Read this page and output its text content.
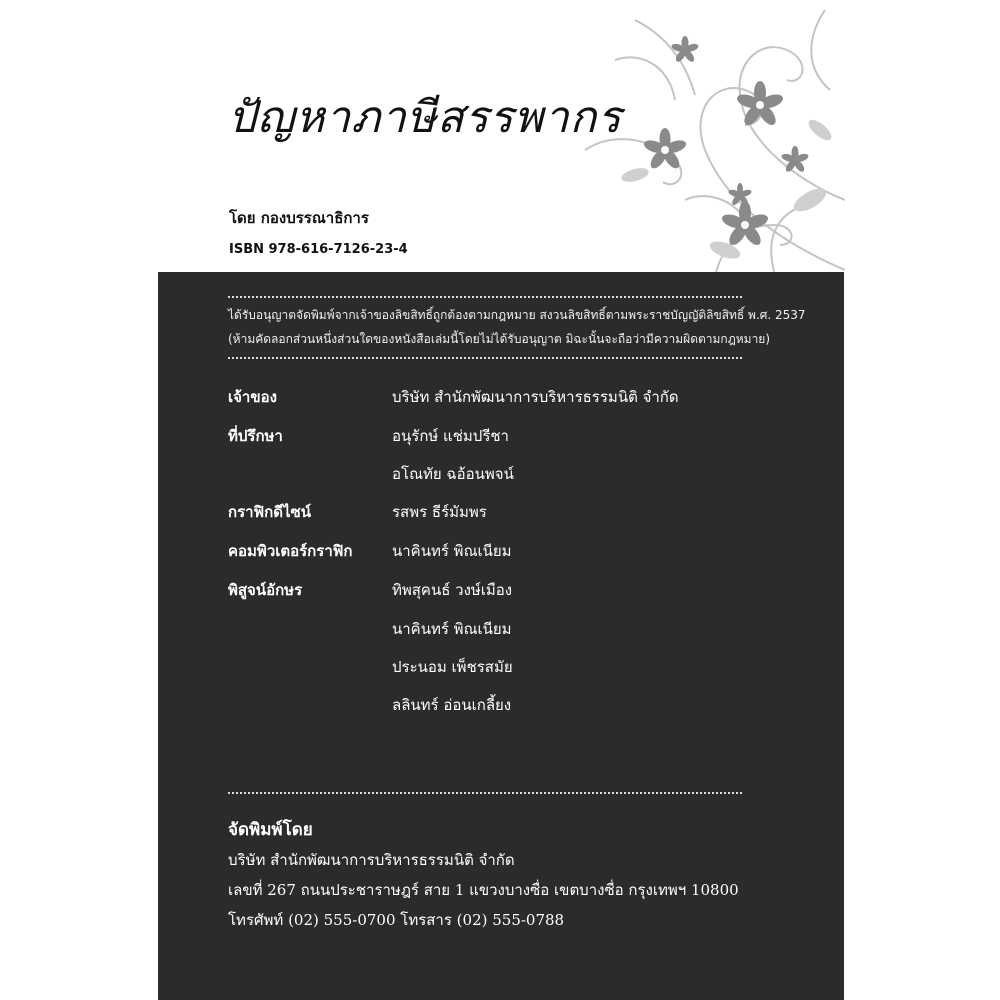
ปัญหาภาษีสรรพากร
โดย กองบรรณาธิการ
ISBN 978-616-7126-23-4
ได้รับอนุญาตจัดพิมพ์จากเจ้าของลิขสิทธิ์ถูกต้องตามกฎหมาย สงวนลิขสิทธิ์ตามพระราชบัญญัติลิขสิทธิ์ พ.ศ. 2537
(ห้ามคัดลอกส่วนหนึ่งส่วนใดของหนังสือเล่มนี้โดยไม่ได้รับอนุญาต มิฉะนั้นจะถือว่ามีความผิดตามกฎหมาย)
เจ้าของ	บริษัท สำนักพัฒนาการบริหารธรรมนิติ จำกัด
ที่ปรึกษา	อนุรักษ์ แช่มปรีชา
อโณทัย ฉอ้อนพจน์
กราฟิกดีไซน์	รสพร ธีร์มัมพร
คอมพิวเตอร์กราฟิก	นาคินทร์ พิณเนียม
พิสูจน์อักษร	ทิพสุคนธ์ วงษ์เมือง
นาคินทร์ พิณเนียม
ประนอม เพ็ชรสมัย
ลลินทร์ อ่อนเกลี้ยง
จัดพิมพ์โดย
บริษัท สำนักพัฒนาการบริหารธรรมนิติ จำกัด
เลขที่ 267 ถนนประชาราษฎร์ สาย 1 แขวงบางซื่อ เขตบางซื่อ กรุงเทพฯ 10800
โทรศัพท์ (02) 555-0700 โทรสาร (02) 555-0788
